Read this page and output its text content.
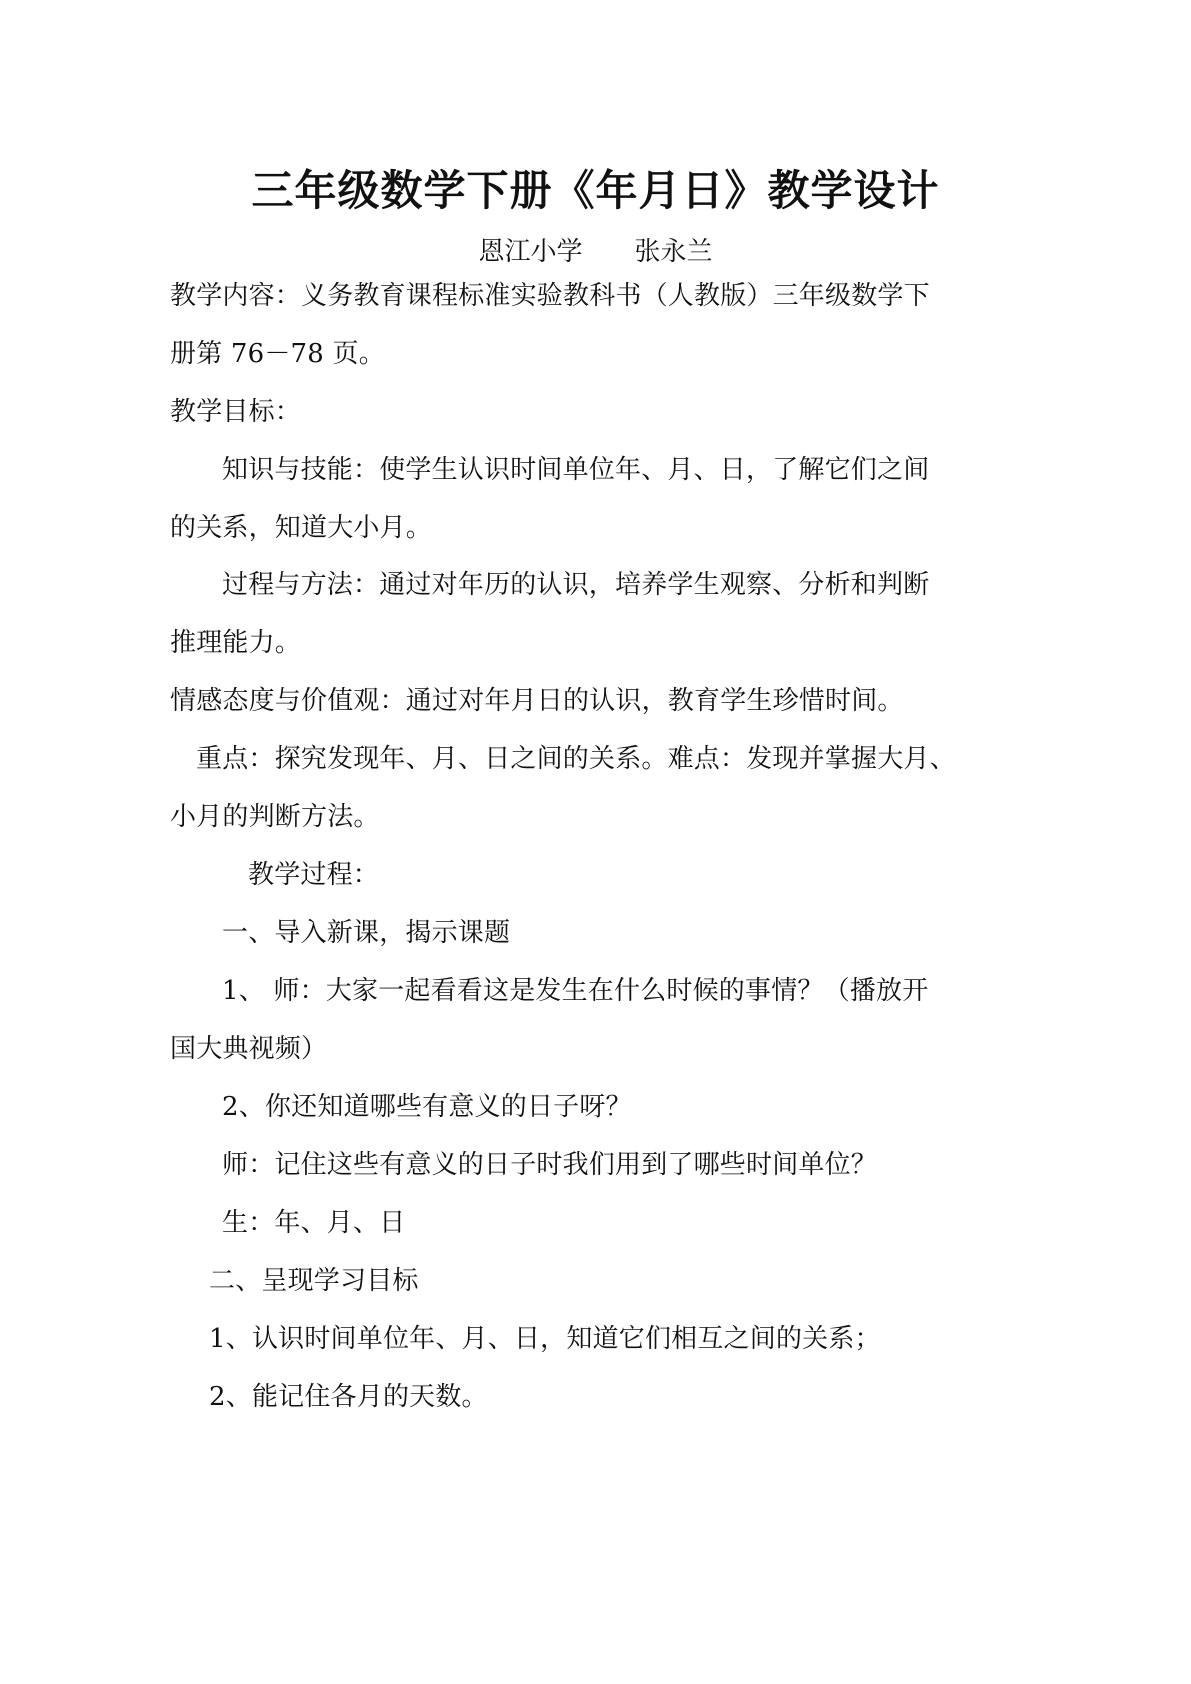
三年级数学下册《年月日》教学设计
恩江小学　　张永兰
教学内容：义务教育课程标准实验教科书（人教版）三年级数学下
册第 76－78 页。
教学目标：
知识与技能：使学生认识时间单位年、月、日，了解它们之间
的关系，知道大小月。
过程与方法：通过对年历的认识，培养学生观察、分析和判断
推理能力。
情感态度与价值观：通过对年月日的认识，教育学生珍惜时间。
重点：探究发现年、月、日之间的关系。难点：发现并掌握大月、
小月的判断方法。
教学过程：
一、导入新课，揭示课题
1、 师：大家一起看看这是发生在什么时候的事情？（播放开
国大典视频）
2、你还知道哪些有意义的日子呀？
师：记住这些有意义的日子时我们用到了哪些时间单位？
生：年、月、日
二、呈现学习目标
1、认识时间单位年、月、日，知道它们相互之间的关系；
2、能记住各月的天数。
